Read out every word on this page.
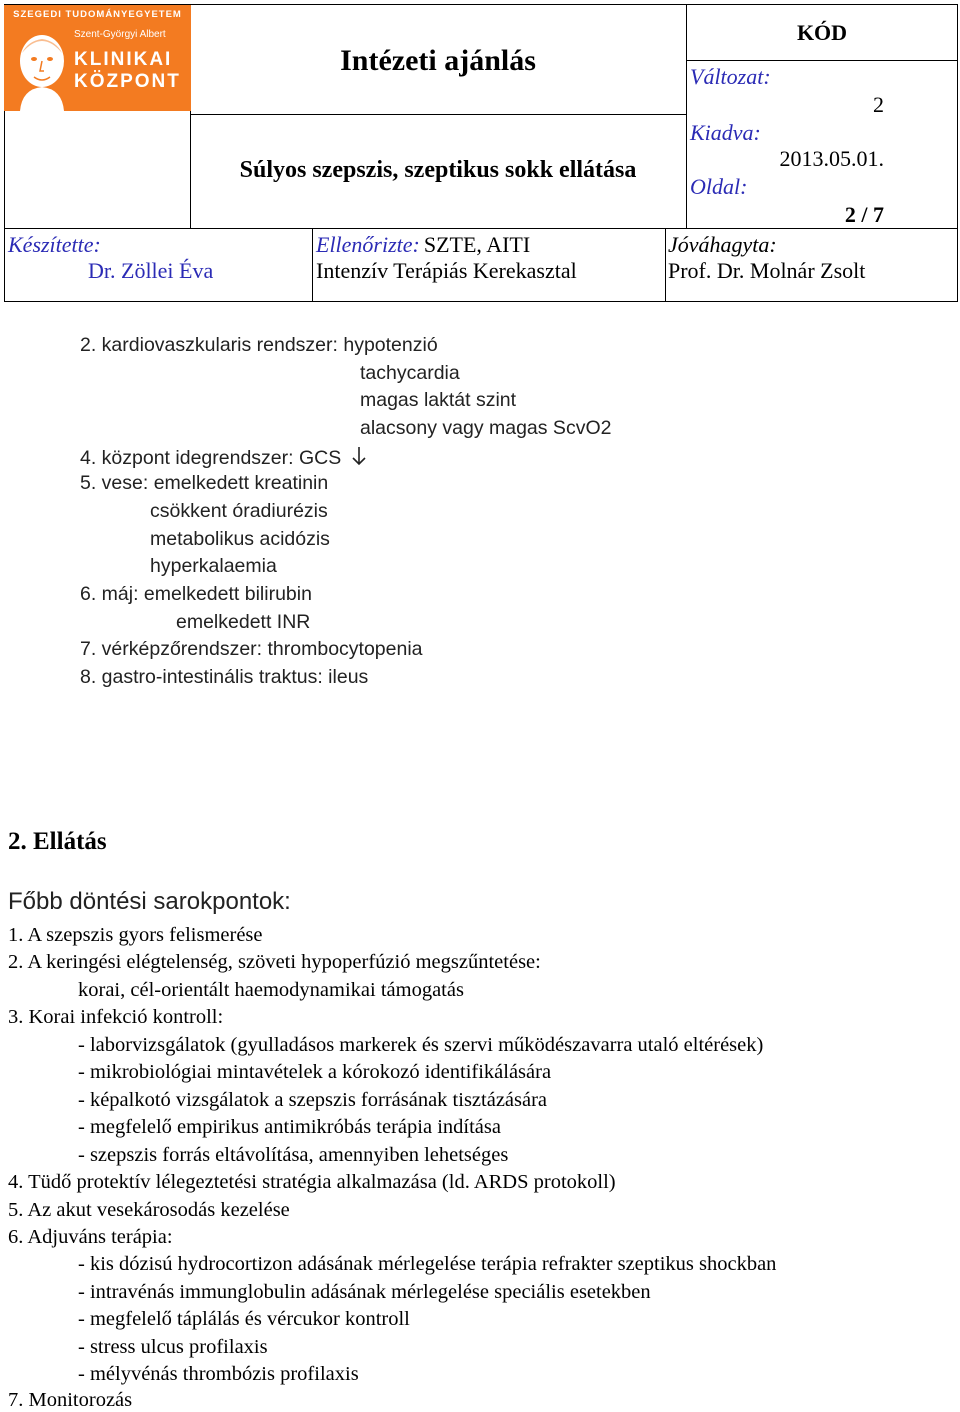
SZEGEDI TUDOMÁNYEGYETEM
Szent-Györgyi Albert
KLINIKAI
KÖZPONT
Intézeti ajánlás
Súlyos szepszis, szeptikus sokk ellátása
KÓD
Változat:
2
Kiadva:
2013.05.01.
Oldal:
2 / 7
Készítette:
Dr. Zöllei Éva
Ellenőrizte: SZTE, AITI
Intenzív Terápiás Kerekasztal
Jóváhagyta:
Prof. Dr. Molnár Zsolt
2. kardiovaszkularis rendszer: hypotenzió
tachycardia
magas laktát szint
alacsony vagy magas ScvO2
4. központ idegrendszer: GCS
5. vese: emelkedett kreatinin
csökkent óradiurézis
metabolikus acidózis
hyperkalaemia
6. máj: emelkedett bilirubin
emelkedett INR
7. vérképzőrendszer: thrombocytopenia
8. gastro-intestinális traktus: ileus
2. Ellátás
Főbb döntési sarokpontok:
1. A szepszis gyors felismerése
2. A keringési elégtelenség, szöveti hypoperfúzió megszűntetése:
korai, cél-orientált haemodynamikai támogatás
3. Korai infekció kontroll:
- laborvizsgálatok (gyulladásos markerek és szervi működészavarra utaló eltérések)
- mikrobiológiai mintavételek a kórokozó identifikálására
- képalkotó vizsgálatok a szepszis forrásának tisztázására
- megfelelő empirikus antimikróbás terápia indítása
- szepszis forrás eltávolítása, amennyiben lehetséges
4. Tüdő protektív lélegeztetési stratégia alkalmazása (ld. ARDS protokoll)
5. Az akut vesekárosodás kezelése
6. Adjuváns terápia:
- kis dózisú hydrocortizon adásának mérlegelése terápia refrakter szeptikus shockban
- intravénás immunglobulin adásának mérlegelése speciális esetekben
- megfelelő táplálás és vércukor kontroll
- stress ulcus profilaxis
- mélyvénás thrombózis profilaxis
7. Monitorozás
